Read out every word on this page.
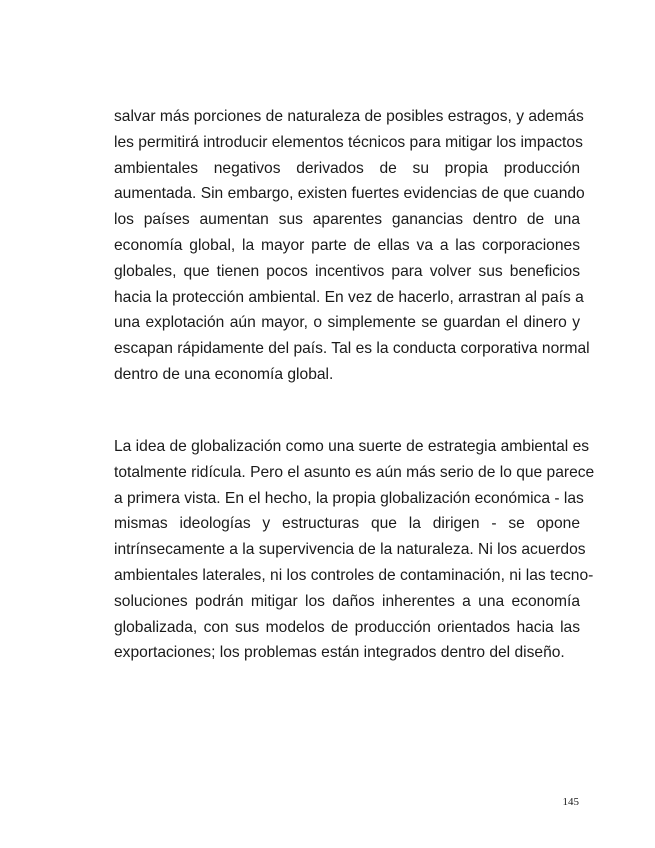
salvar más porciones de naturaleza de posibles estragos, y además
les permitirá introducir elementos técnicos para mitigar los impactos
ambientales negativos derivados de su propia producción
aumentada. Sin embargo, existen fuertes evidencias de que cuando
los países aumentan sus aparentes ganancias dentro de una
economía global, la mayor parte de ellas va a las corporaciones
globales, que tienen pocos incentivos para volver sus beneficios
hacia la protección ambiental. En vez de hacerlo, arrastran al país a
una explotación aún mayor, o simplemente se guardan el dinero y
escapan rápidamente del país. Tal es la conducta corporativa normal
dentro de una economía global.
La idea de globalización como una suerte de estrategia ambiental es
totalmente ridícula. Pero el asunto es aún más serio de lo que parece
a primera vista. En el hecho, la propia globalización económica - las
mismas ideologías y estructuras que la dirigen - se opone
intrínsecamente a la supervivencia de la naturaleza. Ni los acuerdos
ambientales laterales, ni los controles de contaminación, ni las tecno-
soluciones podrán mitigar los daños inherentes a una economía
globalizada, con sus modelos de producción orientados hacia las
exportaciones; los problemas están integrados dentro del diseño.
145
